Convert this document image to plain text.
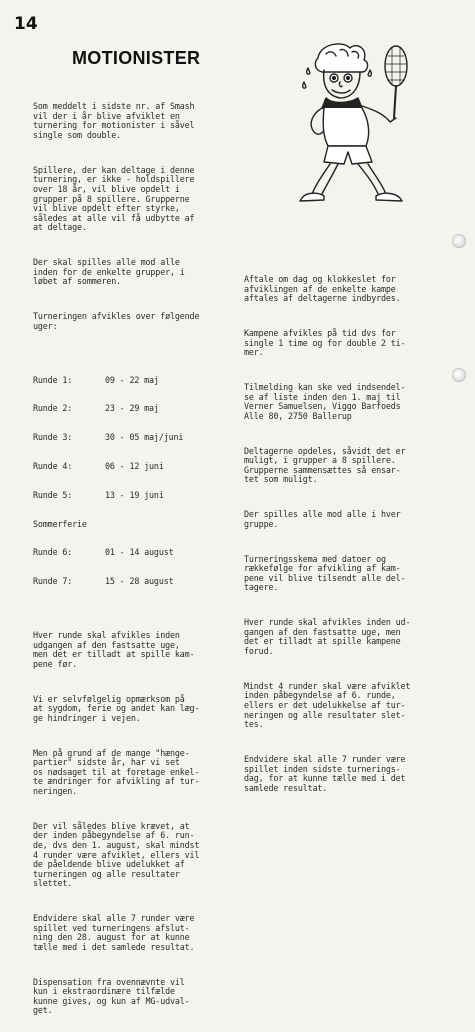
14
MOTIONISTER

Som meddelt i sidste nr. af Smash
vil der i år blive afviklet en
turnering for motionister i såvel
single som double.

Spillere, der kan deltage i denne
turnering, er ikke - holdspillere
over 18 år, vil blive opdelt i
grupper på 8 spillere. Grupperne
vil blive opdelt efter styrke,
således at alle vil få udbytte af
at deltage.

Der skal spilles alle mod alle
inden for de enkelte grupper, i
løbet af sommeren.

Turneringen afvikles over følgende
uger:

Runde 1:	09 - 22 maj

Runde 2:	23 - 29 maj

Runde 3:	30 - 05 maj/juni

Runde 4:	06 - 12 juni

Runde 5:	13 - 19 juni

Sommerferie

Runde 6:	01 - 14 august

Runde 7:	15 - 28 august

Hver runde skal afvikles inden
udgangen af den fastsatte uge,
men det er tilladt at spille kam-
pene før.

Vi er selvfølgelig opmærksom på
at sygdom, ferie og andet kan læg-
ge hindringer i vejen.

Men på grund af de mange "hænge-
partier" sidste år, har vi set
os nødsaget til at foretage enkel-
te ændringer for afvikling af tur-
neringen.

Der vil således blive krævet, at
der inden påbegyndelse af 6. run-
de, dvs den 1. august, skal mindst
4 runder være afviklet, ellers vil
de påeldende blive udelukket af
turneringen og alle resultater
slettet.

Endvidere skal alle 7 runder være
spillet ved turneringens afslut-
ning den 28. august for at kunne
tælle med i det samlede resultat.

Dispensation fra ovennævnte vil
kun i ekstraordinære tilfælde
kunne gives, og kun af MG-udval-
get.

Aftale om dag og klokkeslet for
afviklingen af de enkelte kampe
aftales af deltagerne indbyrdes.

Kampene afvikles på tid dvs for
single 1 time og for double 2 ti-
mer.

Tilmelding kan ske ved indsendel-
se af liste inden den 1. maj til
Verner Samuelsen, Viggo Barfoeds
Alle 80, 2750 Ballerup

Deltagerne opdeles, såvidt det er
muligt, i grupper a 8 spillere.
Grupperne sammensættes så ensar-
tet som muligt.

Der spilles alle mod alle i hver
gruppe.

Turneringsskema med datoer og
rækkefølge for afvikling af kam-
pene vil blive tilsendt alle del-
tagere.

Hver runde skal afvikles inden ud-
gangen af den fastsatte uge, men
det er tilladt at spille kampene
forud.

Mindst 4 runder skal være afviklet
inden påbegyndelse af 6. runde,
ellers er det udelukkelse af tur-
neringen og alle resultater slet-
tes.

Endvidere skal alle 7 runder være
spillet inden sidste turnerings-
dag, for at kunne tælle med i det
samlede resultat.
